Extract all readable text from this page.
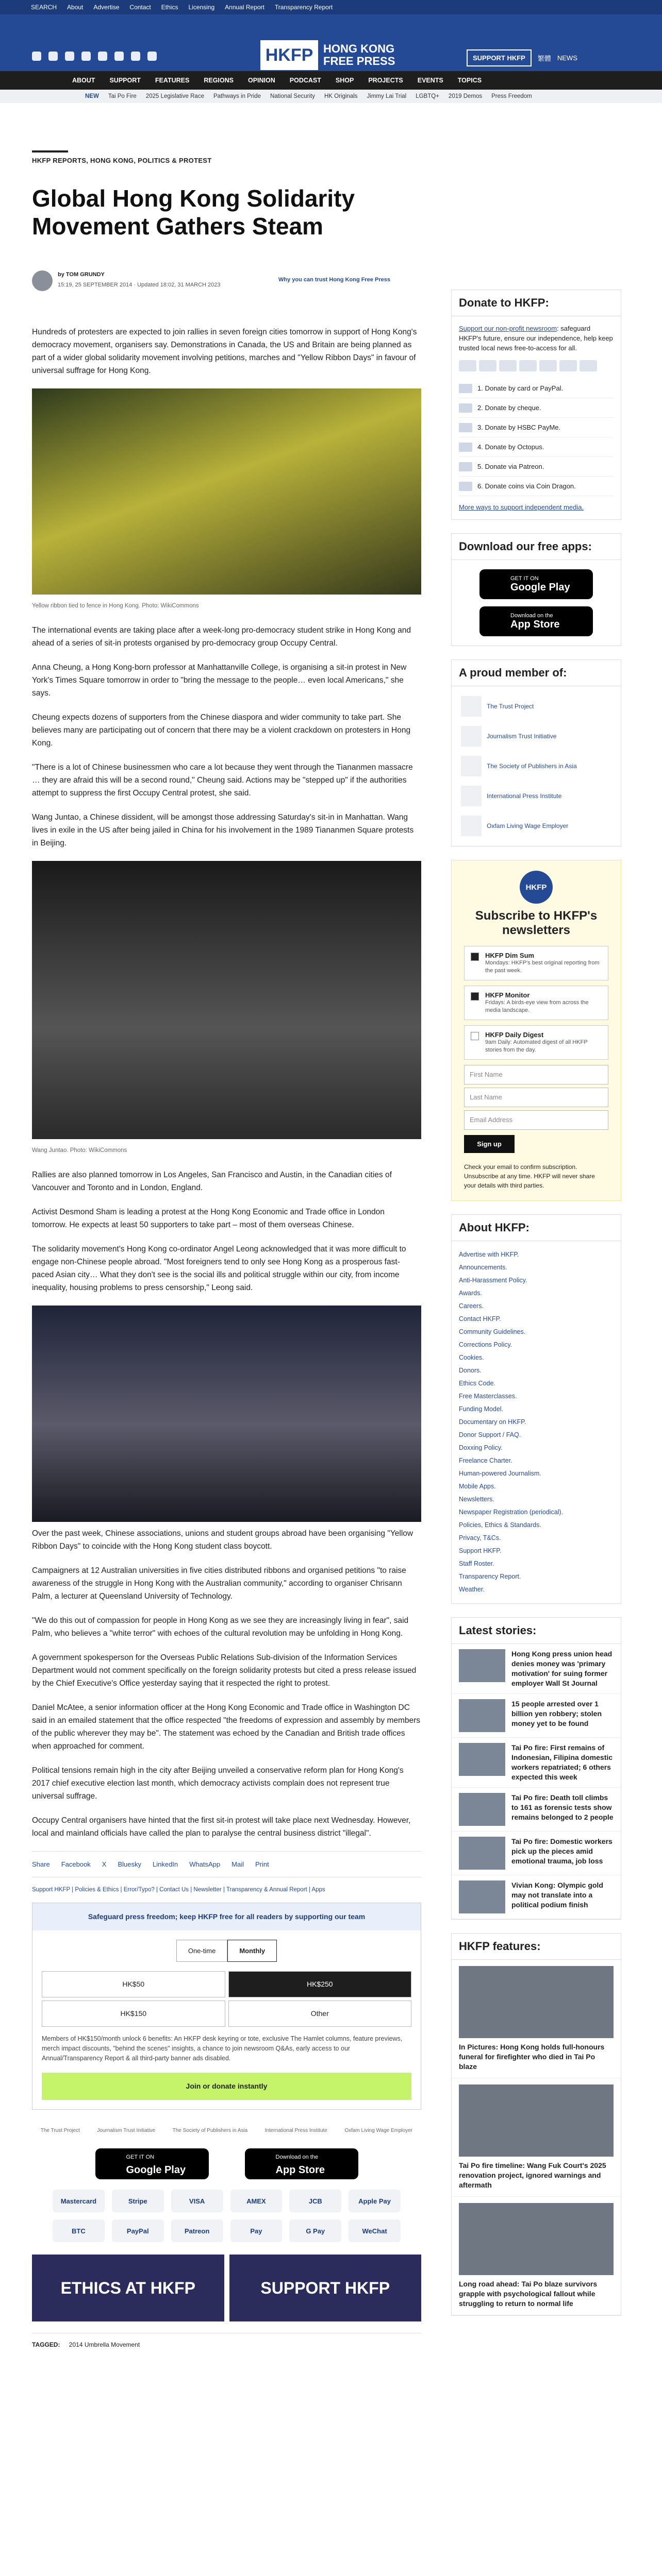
SEARCH About Advertise Contact Ethics Licensing Annual Report Transparency Report
HKFP HONG KONG FREE PRESS	SUPPORT HKFP	繁體 NEWS
ABOUT SUPPORT FEATURES REGIONS OPINION PODCAST SHOP PROJECTS EVENTS TOPICS
NEW Tai Po Fire 2025 Legislative Race Pathways in Pride National Security HK Originals Jimmy Lai Trial LGBTQ+ 2019 Demos Press Freedom
HKFP REPORTS, HONG KONG, POLITICS & PROTEST
Global Hong Kong Solidarity Movement Gathers Steam
by TOM GRUNDY
15:19, 25 SEPTEMBER 2014 · Updated 18:02, 31 MARCH 2023
Why you can trust Hong Kong Free Press

Hundreds of protesters are expected to join rallies in seven foreign cities tomorrow in support of Hong Kong's democracy movement, organisers say. Demonstrations in Canada, the US and Britain are being planned as part of a wider global solidarity movement involving petitions, marches and "Yellow Ribbon Days" in favour of universal suffrage for Hong Kong.

Yellow ribbon tied to fence in Hong Kong. Photo: WikiCommons

The international events are taking place after a week-long pro-democracy student strike in Hong Kong and ahead of a series of sit-in protests organised by pro-democracy group Occupy Central.

Anna Cheung, a Hong Kong-born professor at Manhattanville College, is organising a sit-in protest in New York's Times Square tomorrow in order to "bring the message to the people… even local Americans," she says.

Cheung expects dozens of supporters from the Chinese diaspora and wider community to take part. She believes many are participating out of concern that there may be a violent crackdown on protesters in Hong Kong.

"There is a lot of Chinese businessmen who care a lot because they went through the Tiananmen massacre … they are afraid this will be a second round," Cheung said. Actions may be "stepped up" if the authorities attempt to suppress the first Occupy Central protest, she said.

Wang Juntao, a Chinese dissident, will be amongst those addressing Saturday's sit-in in Manhattan. Wang lives in exile in the US after being jailed in China for his involvement in the 1989 Tiananmen Square protests in Beijing.

Wang Juntao. Photo: WikiCommons

Rallies are also planned tomorrow in Los Angeles, San Francisco and Austin, in the Canadian cities of Vancouver and Toronto and in London, England.

Activist Desmond Sham is leading a protest at the Hong Kong Economic and Trade office in London tomorrow. He expects at least 50 supporters to take part – most of them overseas Chinese.

The solidarity movement's Hong Kong co-ordinator Angel Leong acknowledged that it was more difficult to engage non-Chinese people abroad. "Most foreigners tend to only see Hong Kong as a prosperous fast-paced Asian city… What they don't see is the social ills and political struggle within our city, from income inequality, housing problems to press censorship," Leong said.

Over the past week, Chinese associations, unions and student groups abroad have been organising "Yellow Ribbon Days" to coincide with the Hong Kong student class boycott.

Campaigners at 12 Australian universities in five cities distributed ribbons and organised petitions "to raise awareness of the struggle in Hong Kong with the Australian community," according to organiser Chrisann Palm, a lecturer at Queensland University of Technology.

"We do this out of compassion for people in Hong Kong as we see they are increasingly living in fear", said Palm, who believes a "white terror" with echoes of the cultural revolution may be unfolding in Hong Kong.

A government spokesperson for the Overseas Public Relations Sub-division of the Information Services Department would not comment specifically on the foreign solidarity protests but cited a press release issued by the Chief Executive's Office yesterday saying that it respected the right to protest.

Daniel McAtee, a senior information officer at the Hong Kong Economic and Trade office in Washington DC said in an emailed statement that the office respected "the freedoms of expression and assembly by members of the public wherever they may be". The statement was echoed by the Canadian and British trade offices when approached for comment.

Political tensions remain high in the city after Beijing unveiled a conservative reform plan for Hong Kong's 2017 chief executive election last month, which democracy activists complain does not represent true universal suffrage.

Occupy Central organisers have hinted that the first sit-in protest will take place next Wednesday. However, local and mainland officials have called the plan to paralyse the central business district "illegal".

Share Facebook X Bluesky LinkedIn WhatsApp Mail Print
Support HKFP | Policies & Ethics | Error/Typo? | Contact Us | Newsletter | Transparency & Annual Report | Apps
Safeguard press freedom; keep HKFP free for all readers by supporting our team
One-time	Monthly
HK$50	HK$250
HK$150	Other
Members of HK$150/month unlock 6 benefits: An HKFP desk keyring or tote, exclusive The Hamlet columns, feature previews, merch impact discounts, "behind the scenes" insights, a chance to join newsroom Q&As, early access to our Annual/Transparency Report & all third-party banner ads disabled.
Join or donate instantly
The Trust Project	Journalism Trust Initiative	The Society of Publishers in Asia	International Press Institute	Oxfam Living Wage Employer
GET IT ON
Google Play
Download on the
App Store
Mastercard	Stripe	VISA	AMEX	JCB	Apple Pay
BTC	PayPal	Patreon	Pay	G Pay	WeChat
ETHICS AT HKFP	SUPPORT HKFP
TAGGED: 2014 Umbrella Movement
Donate to HKFP:
Support our non-profit newsroom: safeguard HKFP's future, ensure our independence, help keep trusted local news free-to-access for all.
1. Donate by card or PayPal.
2. Donate by cheque.
3. Donate by HSBC PayMe.
4. Donate by Octopus.
5. Donate via Patreon.
6. Donate coins via Coin Dragon.
More ways to support independent media.
Download our free apps:
GET IT ON
Google Play
Download on the
App Store
A proud member of:
The Trust Project
Journalism Trust Initiative
The Society of Publishers in Asia
International Press Institute
Oxfam Living Wage Employer
HKFP
Subscribe to HKFP's newsletters
HKFP Dim Sum
Mondays: HKFP's best original reporting from the past week.
HKFP Monitor
Fridays: A birds-eye view from across the media landscape.
HKFP Daily Digest
9am Daily: Automated digest of all HKFP stories from the day.
First Name
Last Name
Email Address
Sign up
Check your email to confirm subscription. Unsubscribe at any time. HKFP will never share your details with third parties.
About HKFP:
Advertise with HKFP.
Announcements.
Anti-Harassment Policy.
Awards.
Careers.
Contact HKFP.
Community Guidelines.
Corrections Policy.
Cookies.
Donors.
Ethics Code.
Free Masterclasses.
Funding Model.
Documentary on HKFP.
Donor Support / FAQ.
Doxxing Policy.
Freelance Charter.
Human-powered Journalism.
Mobile Apps.
Newsletters.
Newspaper Registration (periodical).
Policies, Ethics & Standards.
Privacy, T&Cs.
Support HKFP.
Staff Roster.
Transparency Report.
Weather.
Latest stories:
Hong Kong press union head denies money was 'primary motivation' for suing former employer Wall St Journal
15 people arrested over 1 billion yen robbery; stolen money yet to be found
Tai Po fire: First remains of Indonesian, Filipina domestic workers repatriated; 6 others expected this week
Tai Po fire: Death toll climbs to 161 as forensic tests show remains belonged to 2 people
Tai Po fire: Domestic workers pick up the pieces amid emotional trauma, job loss
Vivian Kong: Olympic gold may not translate into a political podium finish
HKFP features:
In Pictures: Hong Kong holds full-honours funeral for firefighter who died in Tai Po blaze
Tai Po fire timeline: Wang Fuk Court's 2025 renovation project, ignored warnings and aftermath
Long road ahead: Tai Po blaze survivors grapple with psychological fallout while struggling to return to normal life
